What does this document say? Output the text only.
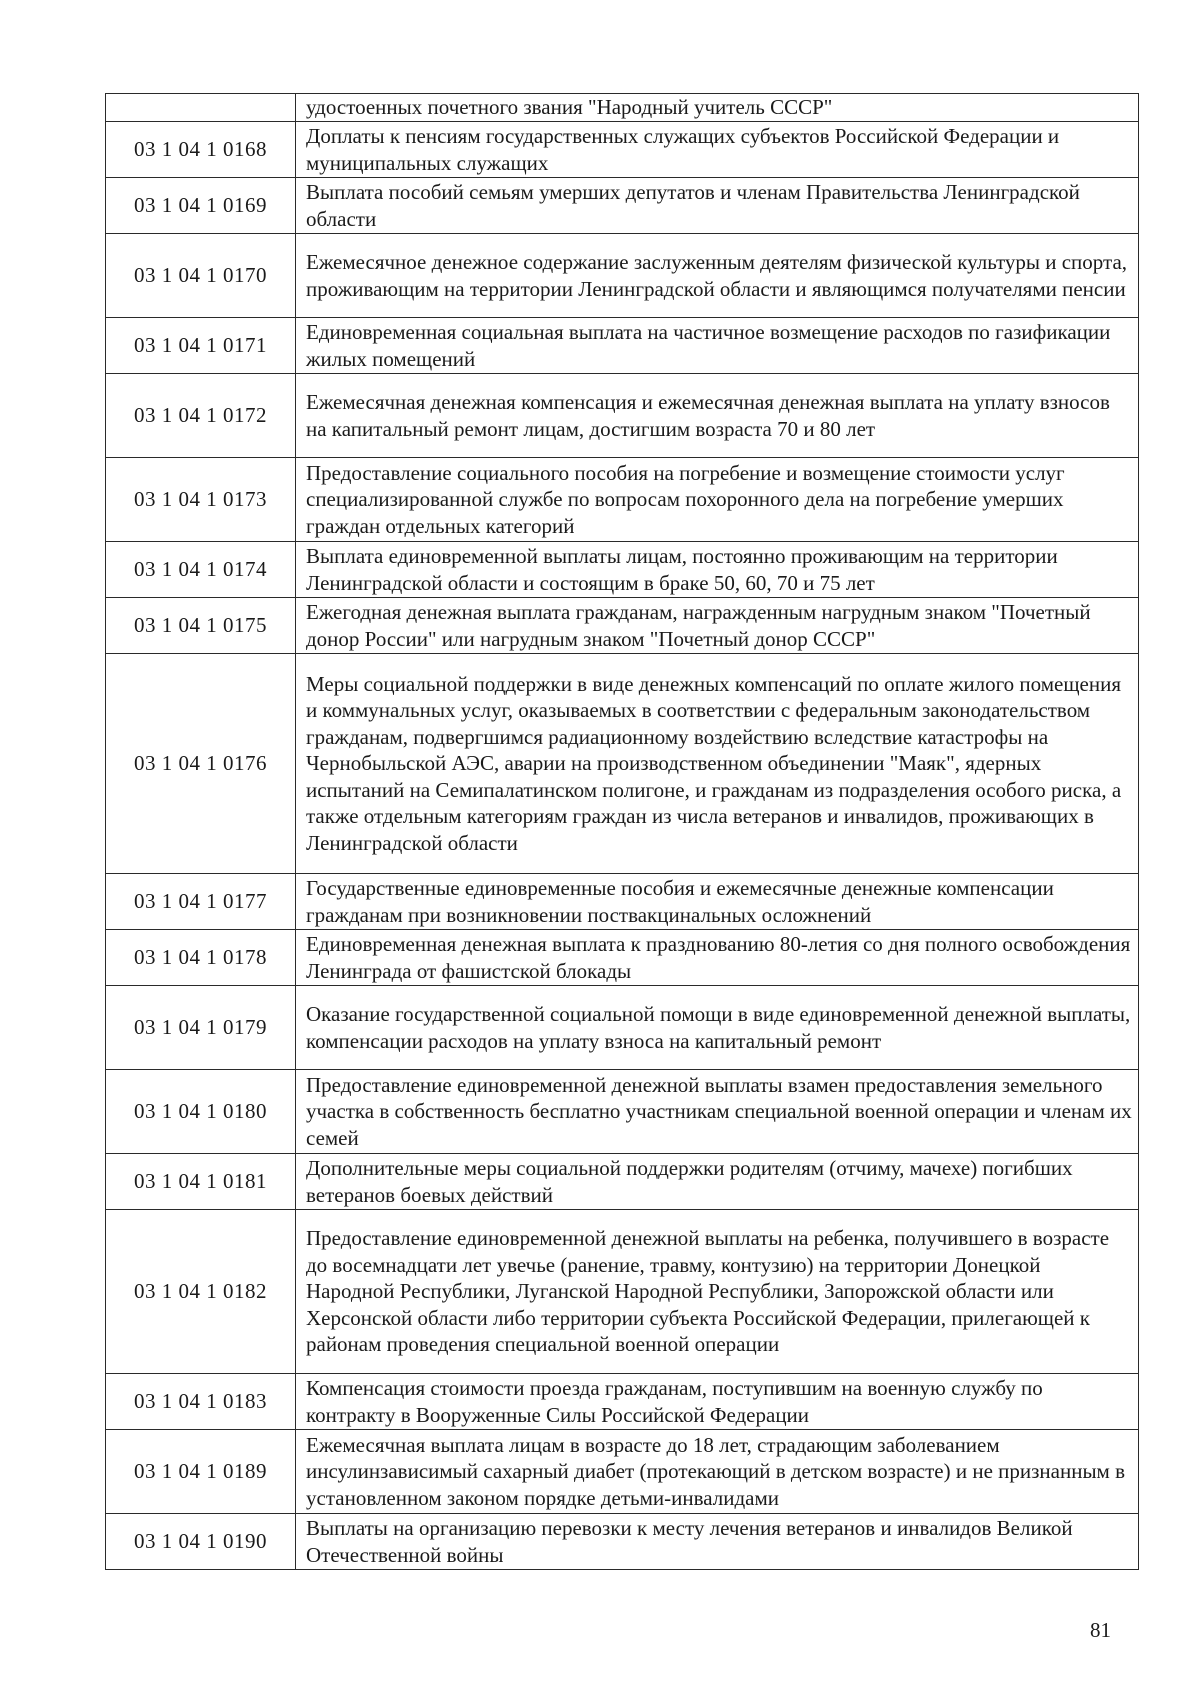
	удостоенных почетного звания "Народный учитель СССР"
03 1 04 1 0168	Доплаты к пенсиям государственных служащих субъектов Российской Федерации и муниципальных служащих
03 1 04 1 0169	Выплата пособий семьям умерших депутатов и членам Правительства Ленинградской области
03 1 04 1 0170	Ежемесячное денежное содержание заслуженным деятелям физической культуры и спорта, проживающим на территории Ленинградской области и являющимся получателями пенсии
03 1 04 1 0171	Единовременная социальная выплата на частичное возмещение расходов по газификации жилых помещений
03 1 04 1 0172	Ежемесячная денежная компенсация и ежемесячная денежная выплата на уплату взносов на капитальный ремонт лицам, достигшим возраста 70 и 80 лет
03 1 04 1 0173	Предоставление социального пособия на погребение и возмещение стоимости услуг специализированной службе по вопросам похоронного дела на погребение умерших граждан отдельных категорий
03 1 04 1 0174	Выплата единовременной выплаты лицам, постоянно проживающим на территории Ленинградской области и состоящим в браке 50, 60, 70 и 75 лет
03 1 04 1 0175	Ежегодная денежная выплата гражданам, награжденным нагрудным знаком "Почетный донор России" или нагрудным знаком "Почетный донор СССР"
03 1 04 1 0176	Меры социальной поддержки в виде денежных компенсаций по оплате жилого помещения и коммунальных услуг, оказываемых в соответствии с федеральным законодательством гражданам, подвергшимся радиационному воздействию вследствие катастрофы на Чернобыльской АЭС, аварии на производственном объединении "Маяк", ядерных испытаний на Семипалатинском полигоне, и гражданам из подразделения особого риска, а также отдельным категориям граждан из числа ветеранов и инвалидов, проживающих в Ленинградской области
03 1 04 1 0177	Государственные единовременные пособия и ежемесячные денежные компенсации гражданам при возникновении поствакцинальных осложнений
03 1 04 1 0178	Единовременная денежная выплата к празднованию 80-летия со дня полного освобождения Ленинграда от фашистской блокады
03 1 04 1 0179	Оказание государственной социальной помощи в виде единовременной денежной выплаты, компенсации расходов на уплату взноса на капитальный ремонт
03 1 04 1 0180	Предоставление единовременной денежной выплаты взамен предоставления земельного участка в собственность бесплатно участникам специальной военной операции и членам их семей
03 1 04 1 0181	Дополнительные меры социальной поддержки родителям (отчиму, мачехе) погибших ветеранов боевых действий
03 1 04 1 0182	Предоставление единовременной денежной выплаты на ребенка, получившего в возрасте до восемнадцати лет увечье (ранение, травму, контузию) на территории Донецкой Народной Республики, Луганской Народной Республики, Запорожской области или Херсонской области либо территории субъекта Российской Федерации, прилегающей к районам проведения специальной военной операции
03 1 04 1 0183	Компенсация стоимости проезда гражданам, поступившим на военную службу по контракту в Вооруженные Силы Российской Федерации
03 1 04 1 0189	Ежемесячная выплата лицам в возрасте до 18 лет, страдающим заболеванием инсулинзависимый сахарный диабет (протекающий в детском возрасте) и не признанным в установленном законом порядке детьми-инвалидами
03 1 04 1 0190	Выплаты на организацию перевозки к месту лечения ветеранов и инвалидов Великой Отечественной войны
81
